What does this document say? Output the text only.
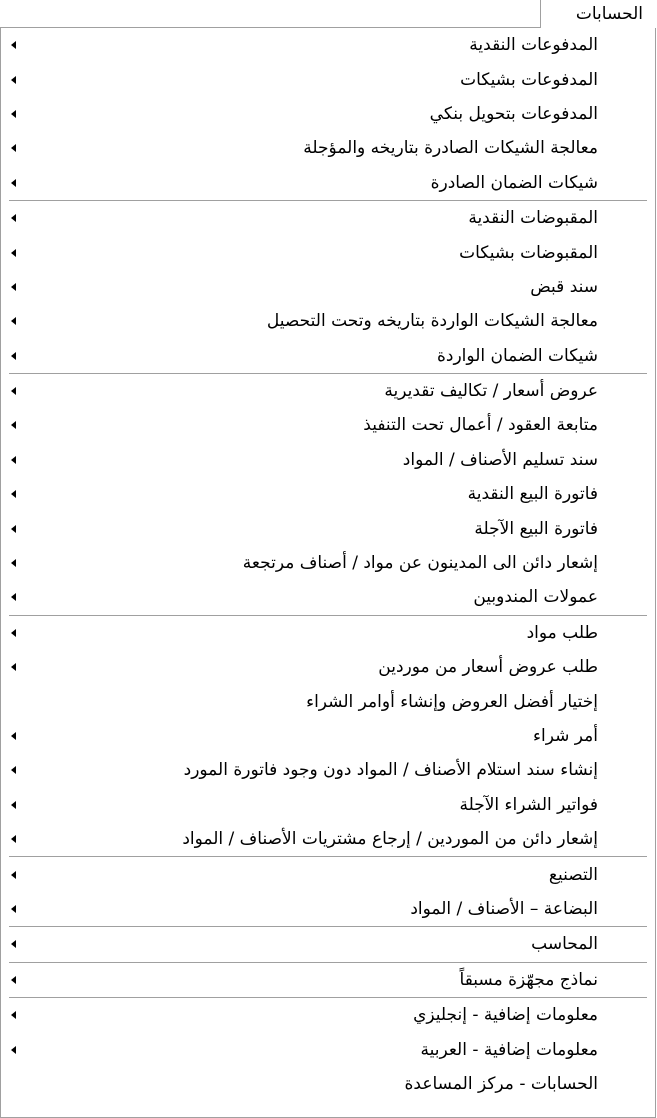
الحسابات
المدفوعات النقدية
المدفوعات بشيكات
المدفوعات بتحويل بنكي
معالجة الشيكات الصادرة بتاريخه والمؤجلة
شيكات الضمان الصادرة
المقبوضات النقدية
المقبوضات بشيكات
سند قبض
معالجة الشيكات الواردة بتاريخه وتحت التحصيل
شيكات الضمان الواردة
عروض أسعار / تكاليف تقديرية
متابعة العقود / أعمال تحت التنفيذ
سند تسليم الأصناف / المواد
فاتورة البيع النقدية
فاتورة البيع الآجلة
إشعار دائن الى المدينون عن مواد / أصناف مرتجعة
عمولات المندوبين
طلب مواد
طلب عروض أسعار من موردين
إختيار أفضل العروض وإنشاء أوامر الشراء
أمر شراء
إنشاء سند استلام الأصناف / المواد دون وجود فاتورة المورد
فواتير الشراء الآجلة
إشعار دائن من الموردين / إرجاع مشتريات الأصناف / المواد
التصنيع
البضاعة – الأصناف / المواد
المحاسب
نماذج مجهّزة مسبقاً
معلومات إضافية - إنجليزي
معلومات إضافية - العربية
الحسابات - مركز المساعدة
